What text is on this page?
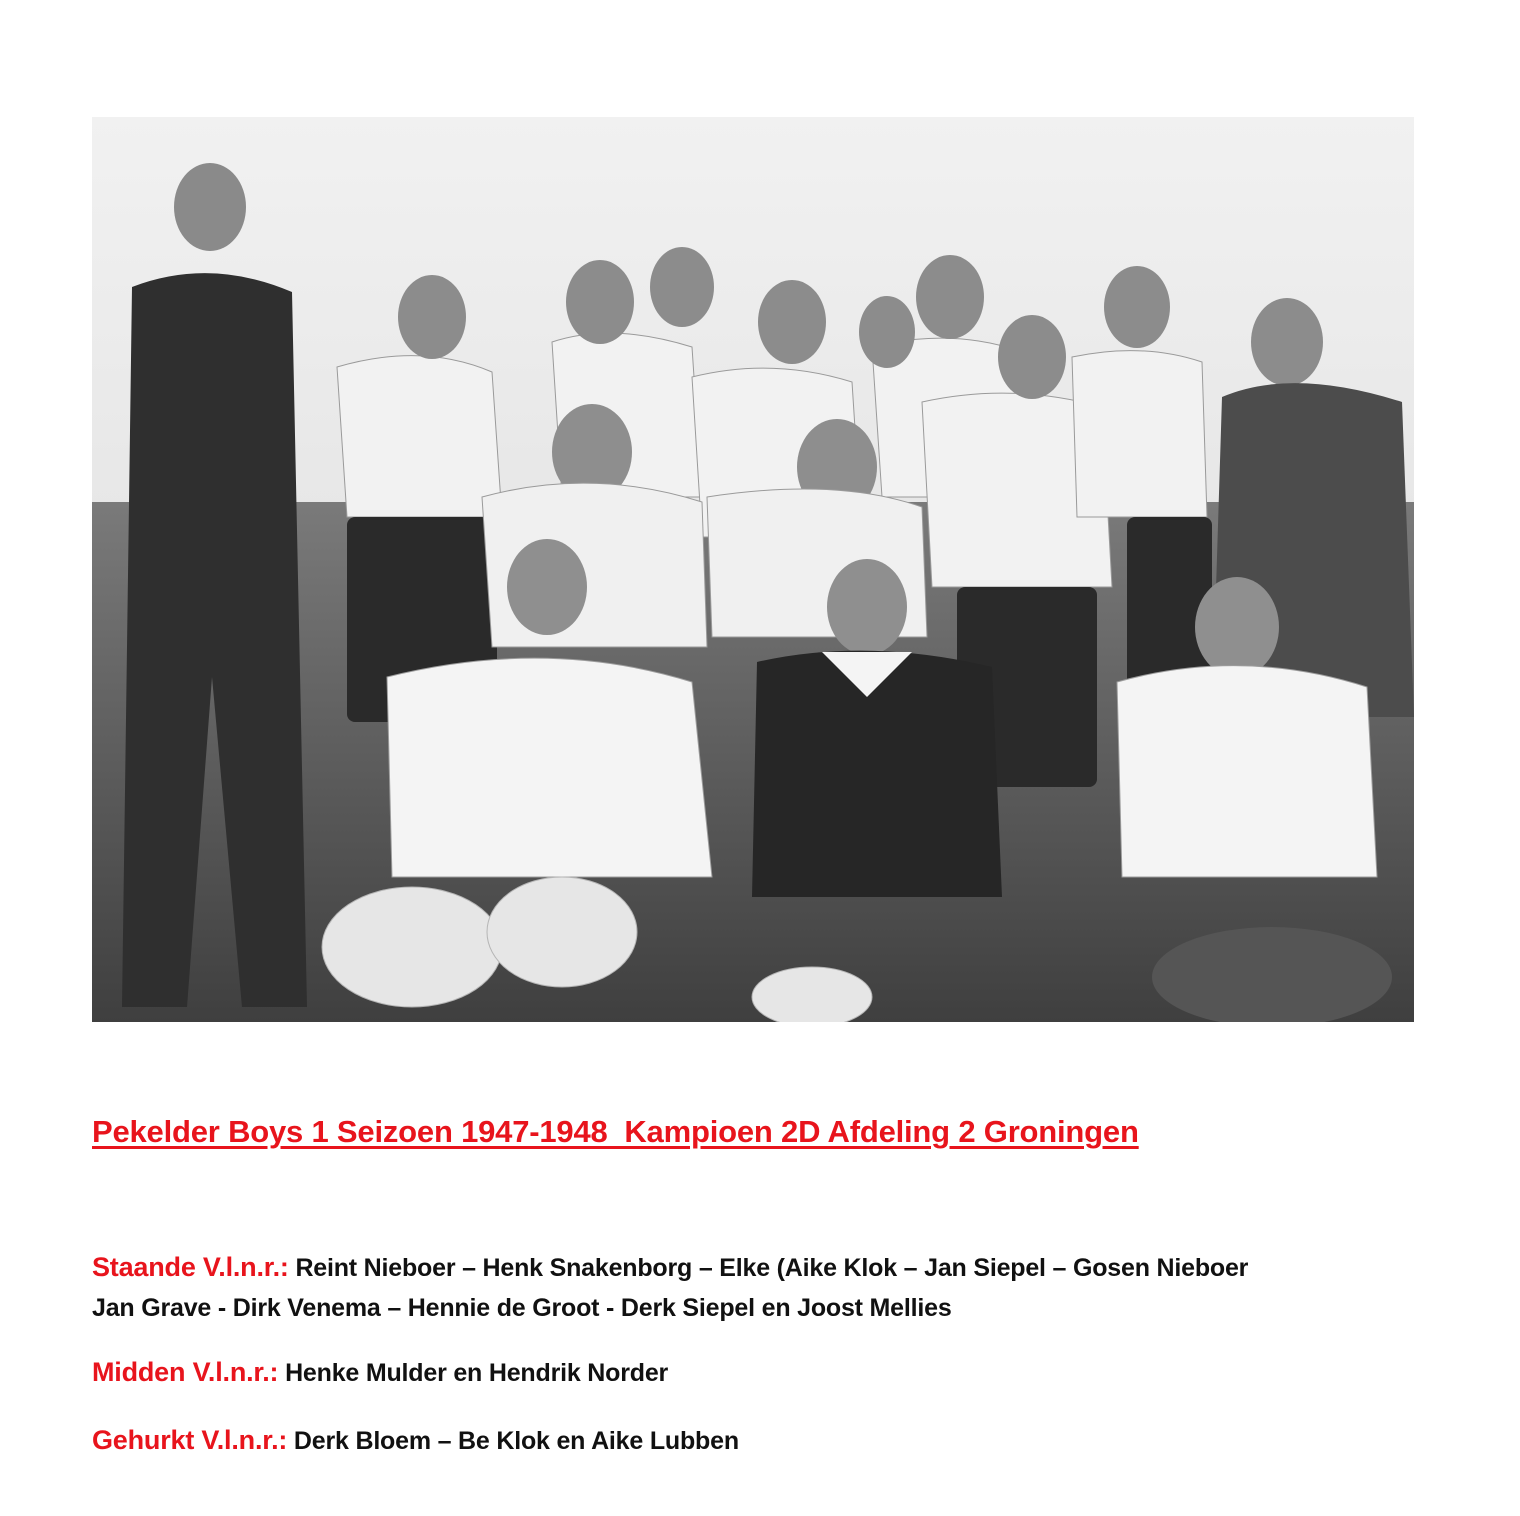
Pekelder Boys 1 Seizoen 1947-1948  Kampioen 2D Afdeling 2 Groningen
Staande V.l.n.r.: Reint Nieboer – Henk Snakenborg – Elke (Aike Klok – Jan Siepel – Gosen Nieboer
Jan Grave - Dirk Venema – Hennie de Groot - Derk Siepel en Joost Mellies
Midden V.l.n.r.: Henke Mulder en Hendrik Norder
Gehurkt V.l.n.r.: Derk Bloem – Be Klok en Aike Lubben
